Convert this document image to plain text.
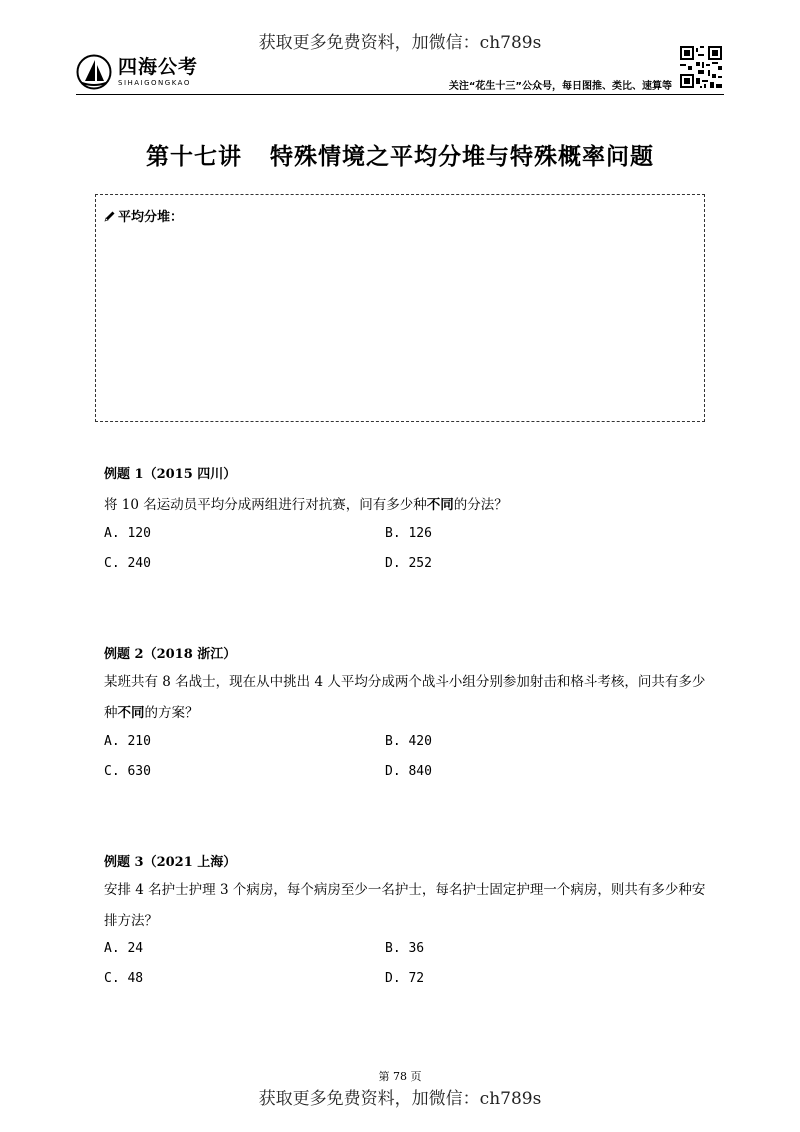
获取更多免费资料，加微信：ch789s
四海公考
SIHAIGONGKAO	关注“花生十三”公众号，每日图推、类比、速算等
第十七讲 特殊情境之平均分堆与特殊概率问题
平均分堆：
例题 1（2015 四川）
将 10 名运动员平均分成两组进行对抗赛，问有多少种不同的分法？
A. 120	B. 126
C. 240	D. 252
例题 2（2018 浙江）
某班共有 8 名战士，现在从中挑出 4 人平均分成两个战斗小组分别参加射击和格斗考核，问共有多少
种不同的方案？
A. 210	B. 420
C. 630	D. 840
例题 3（2021 上海）
安排 4 名护士护理 3 个病房，每个病房至少一名护士，每名护士固定护理一个病房，则共有多少种安
排方法？
A. 24	B. 36
C. 48	D. 72
第 78 页
获取更多免费资料，加微信：ch789s
